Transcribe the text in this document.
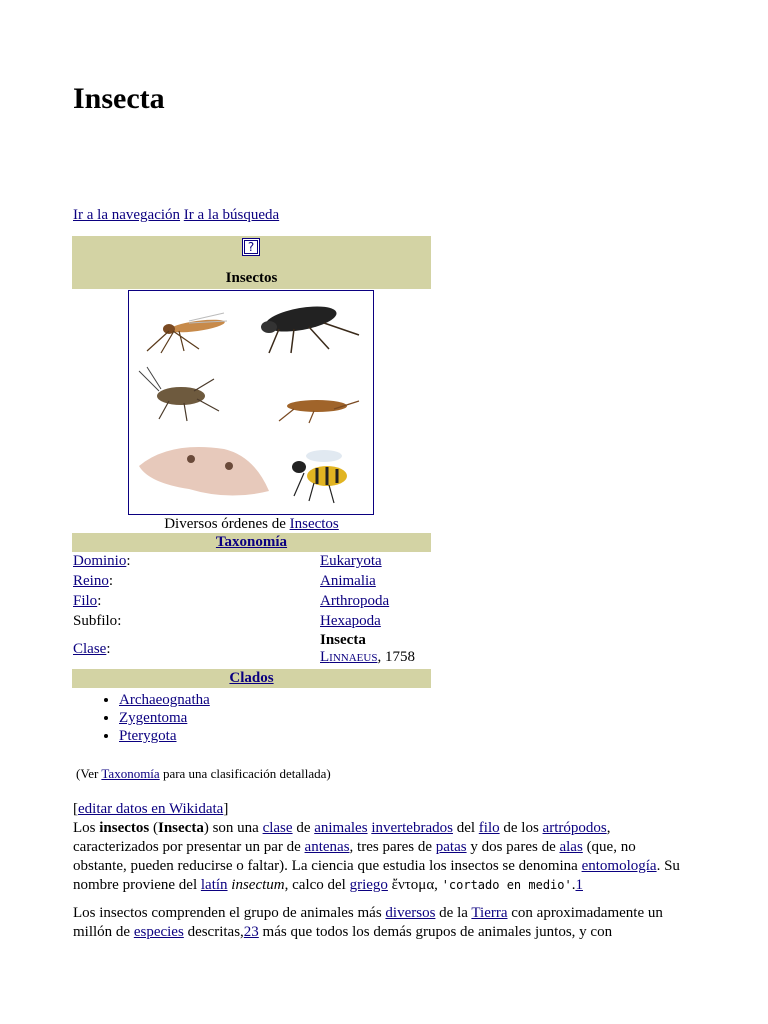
Insecta
Ir a la navegación Ir a la búsqueda
?
Insectos
Diversos órdenes de Insectos
Taxonomía
Dominio:	Eukaryota
Reino:	Animalia
Filo:	Arthropoda
Subfilo:	Hexapoda
Clase:
Insecta
LINNAEUS, 1758
Clados
• Archaeognatha
• Zygentoma
• Pterygota
(Ver Taxonomía para una clasificación detallada)
[editar datos en Wikidata]

Los insectos (Insecta) son una clase de animales invertebrados del filo de los artrópodos, caracterizados por presentar un par de antenas, tres pares de patas y dos pares de alas (que, no obstante, pueden reducirse o faltar). La ciencia que estudia los insectos se denomina entomología. Su nombre proviene del latín insectum, calco del griego ἔντομα, 'cortado en medio'.1

Los insectos comprenden el grupo de animales más diversos de la Tierra con aproximadamente un millón de especies descritas,23 más que todos los demás grupos de animales juntos, y con
